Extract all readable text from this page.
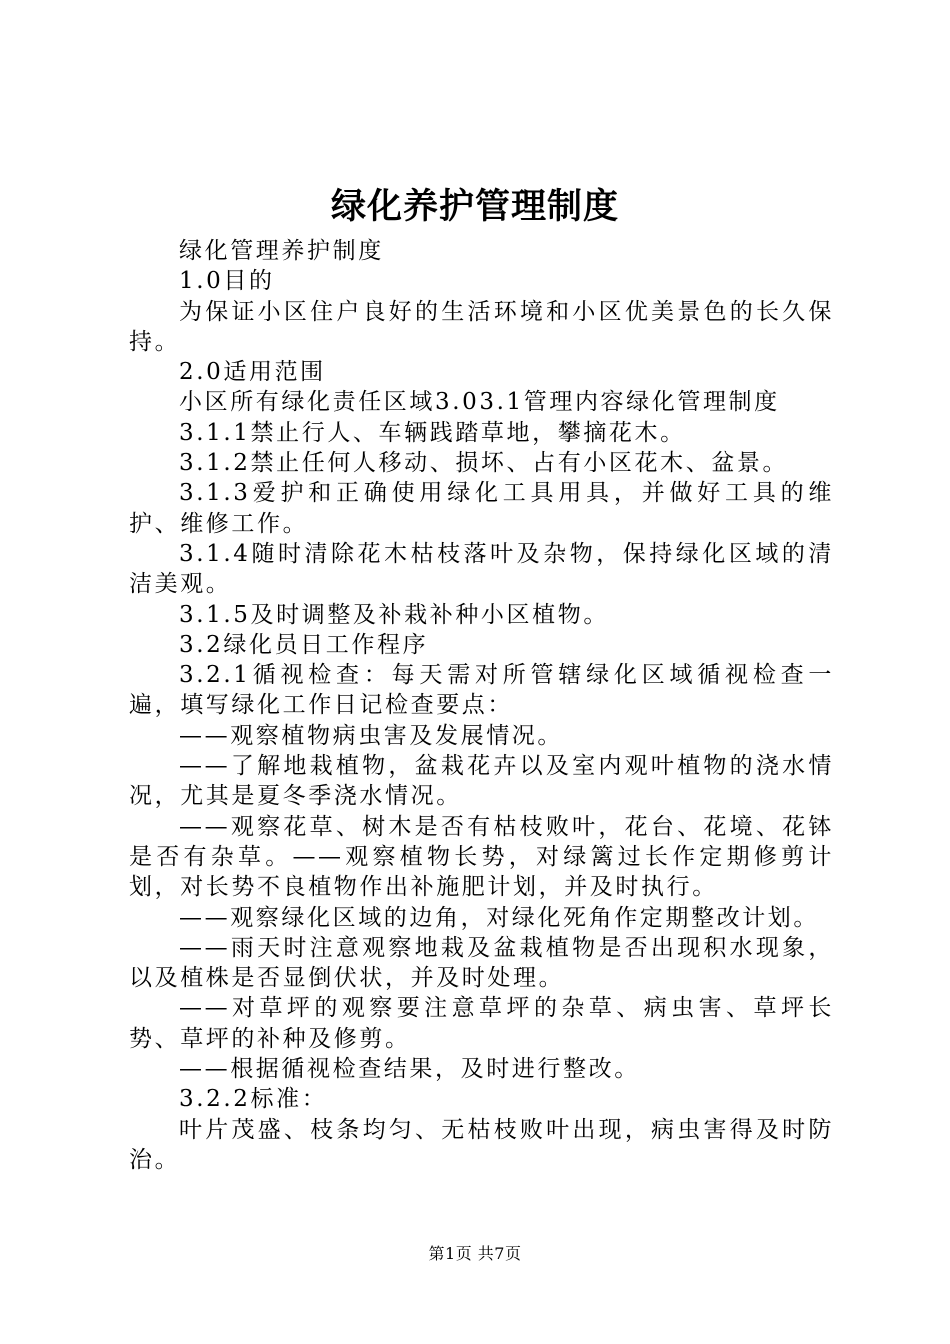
绿化养护管理制度

绿化管理养护制度

1.0目的

为保证小区住户良好的生活环境和小区优美景色的长久保持。

2.0适用范围

小区所有绿化责任区域3.03.1管理内容绿化管理制度

3.1.1禁止行人、车辆践踏草地，攀摘花木。

3.1.2禁止任何人移动、损坏、占有小区花木、盆景。

3.1.3爱护和正确使用绿化工具用具，并做好工具的维护、维修工作。

3.1.4随时清除花木枯枝落叶及杂物，保持绿化区域的清洁美观。

3.1.5及时调整及补栽补种小区植物。

3.2绿化员日工作程序

3.2.1循视检查：每天需对所管辖绿化区域循视检查一遍，填写绿化工作日记检查要点：

——观察植物病虫害及发展情况。

——了解地栽植物，盆栽花卉以及室内观叶植物的浇水情况，尤其是夏冬季浇水情况。

——观察花草、树木是否有枯枝败叶，花台、花境、花钵是否有杂草。——观察植物长势，对绿篱过长作定期修剪计划，对长势不良植物作出补施肥计划，并及时执行。

——观察绿化区域的边角，对绿化死角作定期整改计划。

——雨天时注意观察地栽及盆栽植物是否出现积水现象，以及植株是否显倒伏状，并及时处理。

——对草坪的观察要注意草坪的杂草、病虫害、草坪长势、草坪的补种及修剪。

——根据循视检查结果，及时进行整改。

3.2.2标准：

叶片茂盛、枝条均匀、无枯枝败叶出现，病虫害得及时防治。

第1页 共7页
